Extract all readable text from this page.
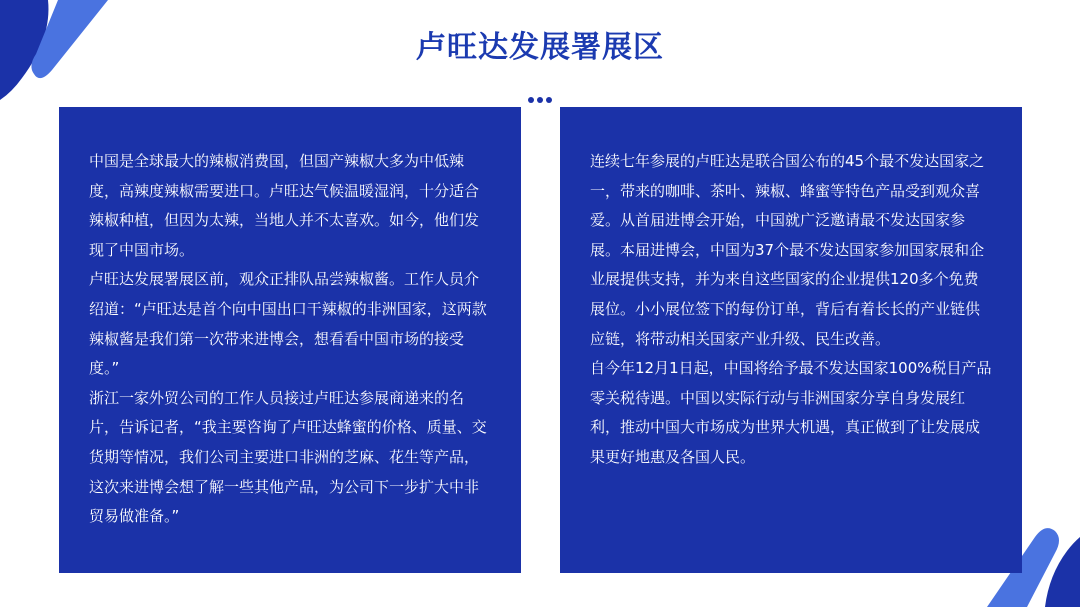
卢旺达发展署展区

中国是全球最大的辣椒消费国，但国产辣椒大多为中低辣度，高辣度辣椒需要进口。卢旺达气候温暖湿润，十分适合辣椒种植，但因为太辣，当地人并不太喜欢。如今，他们发现了中国市场。

卢旺达发展署展区前，观众正排队品尝辣椒酱。工作人员介绍道：“卢旺达是首个向中国出口干辣椒的非洲国家，这两款辣椒酱是我们第一次带来进博会，想看看中国市场的接受度。”

浙江一家外贸公司的工作人员接过卢旺达参展商递来的名片，告诉记者，“我主要咨询了卢旺达蜂蜜的价格、质量、交货期等情况，我们公司主要进口非洲的芝麻、花生等产品，这次来进博会想了解一些其他产品，为公司下一步扩大中非贸易做准备。”

连续七年参展的卢旺达是联合国公布的45个最不发达国家之一，带来的咖啡、茶叶、辣椒、蜂蜜等特色产品受到观众喜爱。从首届进博会开始，中国就广泛邀请最不发达国家参展。本届进博会，中国为37个最不发达国家参加国家展和企业展提供支持，并为来自这些国家的企业提供120多个免费展位。小小展位签下的每份订单，背后有着长长的产业链供应链，将带动相关国家产业升级、民生改善。

自今年12月1日起，中国将给予最不发达国家100%税目产品零关税待遇。中国以实际行动与非洲国家分享自身发展红利，推动中国大市场成为世界大机遇，真正做到了让发展成果更好地惠及各国人民。
